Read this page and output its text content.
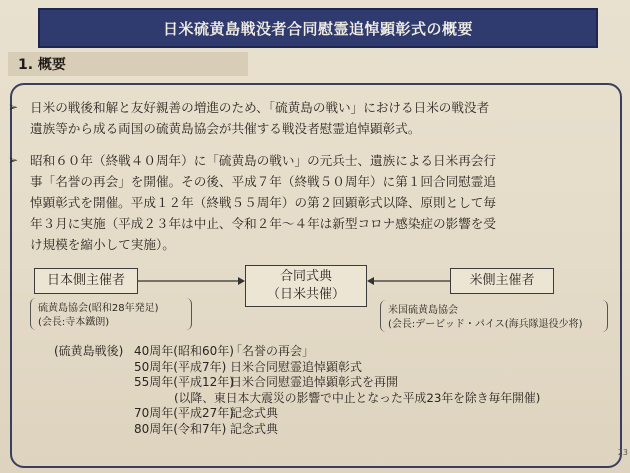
日米硫黄島戦没者合同慰霊追悼顕彰式の概要
1. 概要
➢ 日米の戦後和解と友好親善の増進のため、「硫黄島の戦い」における日米の戦没者
遺族等から成る両国の硫黄島協会が共催する戦没者慰霊追悼顕彰式。
➢ 昭和６０年（終戦４０周年）に「硫黄島の戦い」の元兵士、遺族による日米再会行
事「名誉の再会」を開催。その後、平成７年（終戦５０周年）に第１回合同慰霊追
悼顕彰式を開催。平成１２年（終戦５５周年）の第２回顕彰式以降、原則として毎
年３月に実施（平成２３年は中止、令和２年～４年は新型コロナ感染症の影響を受
け規模を縮小して実施）。
日本側主催者	合同式典
（日米共催）
米側主催者
硫黄島協会(昭和28年発足)
(会長:寺本鐵朗)
米国硫黄島協会
(会長:デービッド・パイス(海兵隊退役少将)
(硫黄島戦後) 40周年(昭和60年)
「名誉の再会」
50周年(平成7年) 日米合同慰霊追悼顕彰式
55周年(平成12年)
日米合同慰霊追悼顕彰式を再開
(以降、東日本大震災の影響で中止となった平成23年を除き毎年開催)
70周年(平成27年)
記念式典
80周年(令和7年) 記念式典
23
